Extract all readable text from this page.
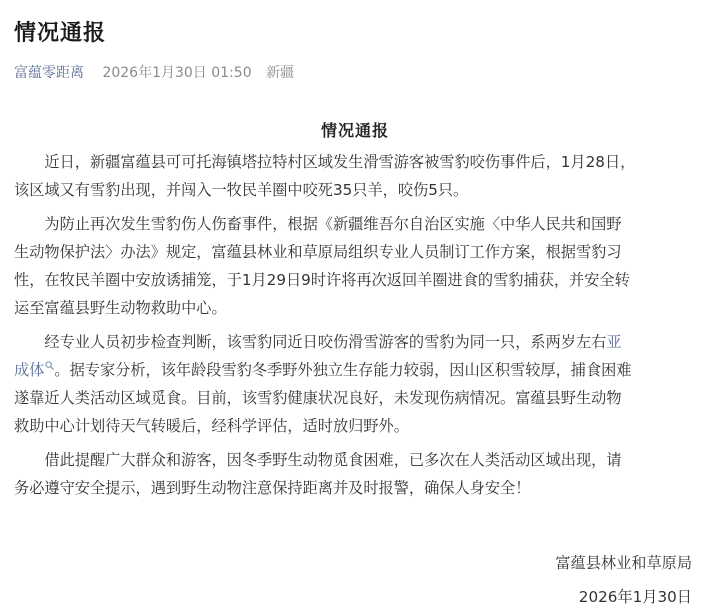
情况通报
富蕴零距离 2026年1月30日 01:50 新疆
情况通报

近日，新疆富蕴县可可托海镇塔拉特村区域发生滑雪游客被雪豹咬伤事件后，1月28日，
该区域又有雪豹出现，并闯入一牧民羊圈中咬死35只羊，咬伤5只。

为防止再次发生雪豹伤人伤畜事件，根据《新疆维吾尔自治区实施〈中华人民共和国野
生动物保护法〉办法》规定，富蕴县林业和草原局组织专业人员制订工作方案，根据雪豹习
性，在牧民羊圈中安放诱捕笼，于1月29日9时许将再次返回羊圈进食的雪豹捕获，并安全转
运至富蕴县野生动物救助中心。

经专业人员初步检查判断，该雪豹同近日咬伤滑雪游客的雪豹为同一只，系两岁左右亚
成体 。据专家分析，该年龄段雪豹冬季野外独立生存能力较弱，因山区积雪较厚，捕食困难
遂靠近人类活动区域觅食。目前，该雪豹健康状况良好，未发现伤病情况。富蕴县野生动物
救助中心计划待天气转暖后，经科学评估，适时放归野外。

借此提醒广大群众和游客，因冬季野生动物觅食困难，已多次在人类活动区域出现，请
务必遵守安全提示，遇到野生动物注意保持距离并及时报警，确保人身安全！

富蕴县林业和草原局
2026年1月30日
